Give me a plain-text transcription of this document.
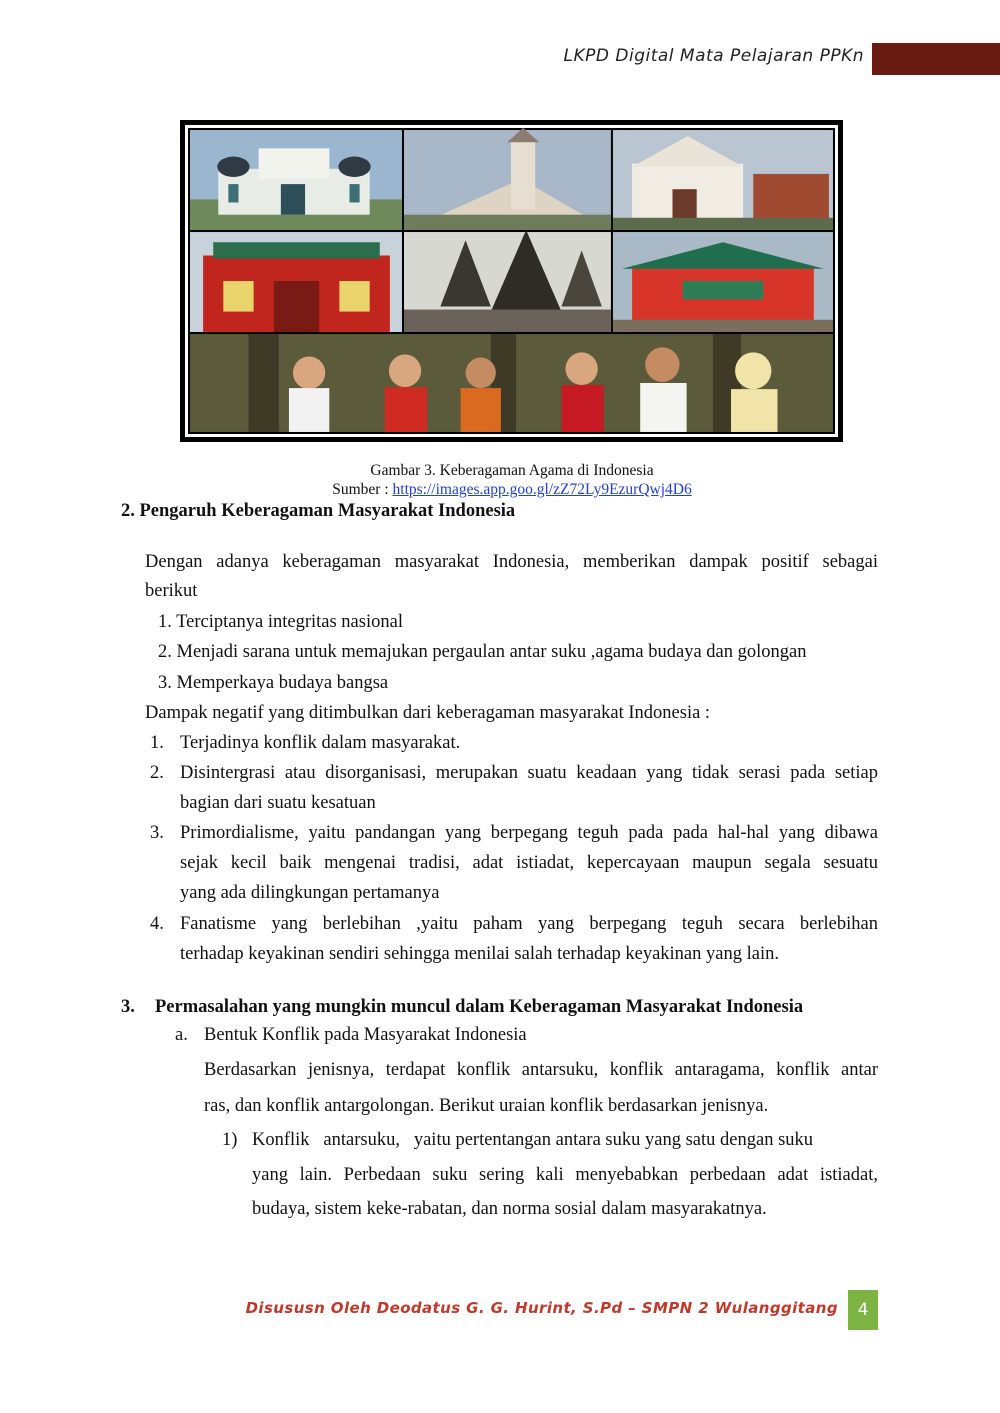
LKPD Digital Mata Pelajaran PPKn
Gambar 3. Keberagaman Agama di Indonesia
Sumber : https://images.app.goo.gl/zZ72Ly9EzurQwj4D6
2. Pengaruh Keberagaman Masyarakat Indonesia
Dengan adanya keberagaman masyarakat Indonesia, memberikan dampak positif sebagai
berikut
1. Terciptanya integritas nasional
2. Menjadi sarana untuk memajukan pergaulan antar suku ,agama budaya dan golongan
3. Memperkaya budaya bangsa
Dampak negatif yang ditimbulkan dari keberagaman masyarakat Indonesia :
1. Terjadinya konflik dalam masyarakat.
2. Disintergrasi atau disorganisasi, merupakan suatu keadaan yang tidak serasi pada setiap
bagian dari suatu kesatuan
3. Primordialisme, yaitu pandangan yang berpegang teguh pada pada hal-hal yang dibawa
sejak kecil baik mengenai tradisi, adat istiadat, kepercayaan maupun segala sesuatu
yang ada dilingkungan pertamanya
4. Fanatisme yang berlebihan ,yaitu paham yang berpegang teguh secara berlebihan
terhadap keyakinan sendiri sehingga menilai salah terhadap keyakinan yang lain.
3. Permasalahan yang mungkin muncul dalam Keberagaman Masyarakat Indonesia
a. Bentuk Konflik pada Masyarakat Indonesia
Berdasarkan jenisnya, terdapat konflik antarsuku, konflik antaragama, konflik antar
ras, dan konflik antargolongan. Berikut uraian konflik berdasarkan jenisnya.
1) Konflik   antarsuku,   yaitu pertentangan antara suku yang satu dengan suku
yang lain. Perbedaan suku sering kali menyebabkan perbedaan adat istiadat,
budaya, sistem keke-rabatan, dan norma sosial dalam masyarakatnya.
Disususn Oleh Deodatus G. G. Hurint, S.Pd – SMPN 2 Wulanggitang	4
